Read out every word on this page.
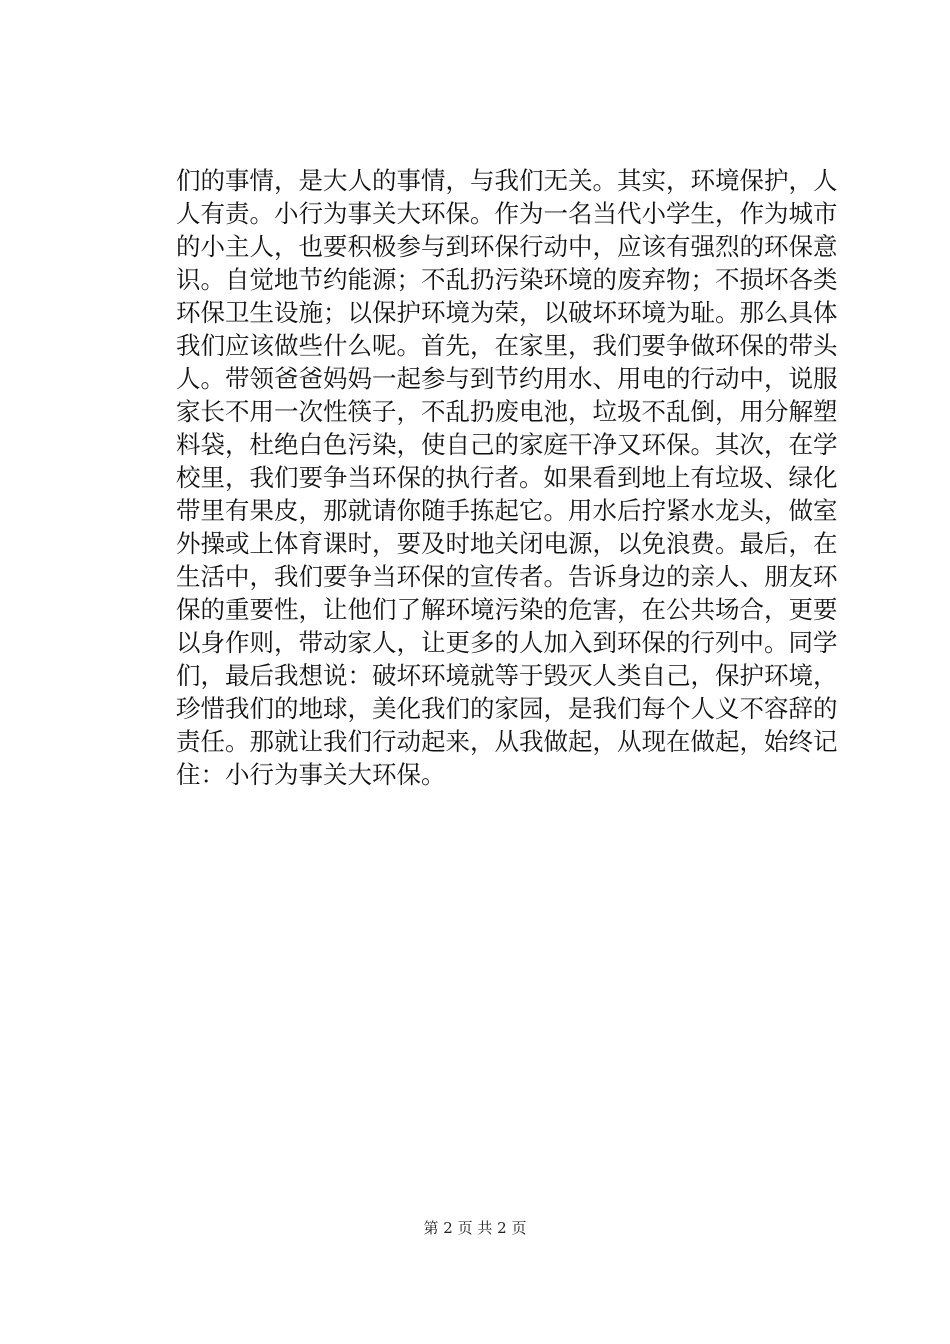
们的事情，是大人的事情，与我们无关。其实，环境保护，人
人有责。小行为事关大环保。作为一名当代小学生，作为城市
的小主人，也要积极参与到环保行动中，应该有强烈的环保意
识。自觉地节约能源；不乱扔污染环境的废弃物；不损坏各类
环保卫生设施；以保护环境为荣，以破坏环境为耻。那么具体
我们应该做些什么呢。首先，在家里，我们要争做环保的带头
人。带领爸爸妈妈一起参与到节约用水、用电的行动中，说服
家长不用一次性筷子，不乱扔废电池，垃圾不乱倒，用分解塑
料袋，杜绝白色污染，使自己的家庭干净又环保。其次，在学
校里，我们要争当环保的执行者。如果看到地上有垃圾、绿化
带里有果皮，那就请你随手拣起它。用水后拧紧水龙头，做室
外操或上体育课时，要及时地关闭电源，以免浪费。最后，在
生活中，我们要争当环保的宣传者。告诉身边的亲人、朋友环
保的重要性，让他们了解环境污染的危害，在公共场合，更要
以身作则，带动家人，让更多的人加入到环保的行列中。同学
们，最后我想说：破坏环境就等于毁灭人类自己，保护环境，
珍惜我们的地球，美化我们的家园，是我们每个人义不容辞的
责任。那就让我们行动起来，从我做起，从现在做起，始终记
住：小行为事关大环保。
第 2 页 共 2 页
